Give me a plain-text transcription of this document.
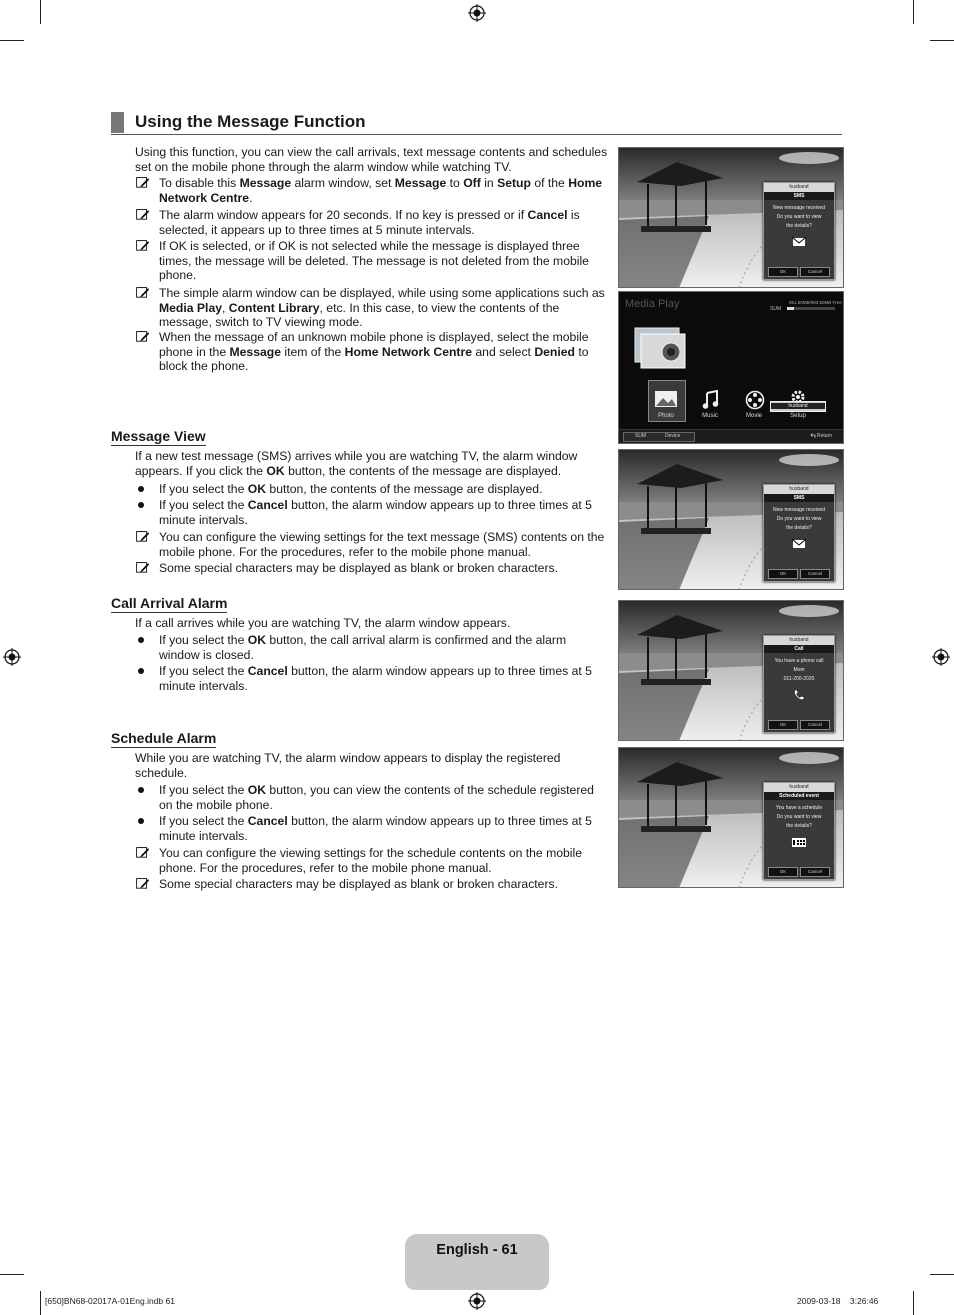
Using the Message Function
Using this function, you can view the call arrivals, text message contents and schedules set on the mobile phone through the alarm window while watching TV.
To disable this Message alarm window, set Message to Off in Setup of the Home Network Centre.
The alarm window appears for 20 seconds. If no key is pressed or if Cancel is selected, it appears up to three times at 5 minute intervals.
If OK is selected, or if OK is not selected while the message is displayed three times, the message will be deleted. The message is not deleted from the mobile phone.
The simple alarm window can be displayed, while using some applications such as Media Play, Content Library, etc. In this case, to view the contents of the message, switch to TV viewing mode.
When the message of an unknown mobile phone is displayed, select the mobile phone in the Message item of the Home Network Centre and select Denied to block the phone.
Message View
If a new test message (SMS) arrives while you are watching TV, the alarm window appears. If you click the OK button, the contents of the message are displayed.
If you select the OK button, the contents of the message are displayed.
If you select the Cancel button, the alarm window appears up to three times at 5 minute intervals.
You can configure the viewing settings for the text message (SMS) contents on the mobile phone. For the procedures, refer to the mobile phone manual.
Some special characters may be displayed as blank or broken characters.
Call Arrival Alarm
If a call arrives while you are watching TV, the alarm window appears.
If you select the OK button, the call arrival alarm is confirmed and the alarm window is closed.
If you select the Cancel button, the alarm window appears up to three times at 5 minute intervals.
Schedule Alarm
While you are watching TV, the alarm window appears to display the registered schedule.
If you select the OK button, you can view the contents of the schedule registered on the mobile phone.
If you select the Cancel button, the alarm window appears up to three times at 5 minute intervals.
You can configure the viewing settings for the schedule contents on the mobile phone. For the procedures, refer to the mobile phone manual.
Some special characters may be displayed as blank or broken characters.
husband
SMS
New message received
Do you want to view
the details?
OK	Cancel
Media Play	851.50MB/993.60MB Free
SUM
husband
Photo	Music	Movie	Setup
SUM	Device	Return
husband
SMS
New message received
Do you want to view
the details?
OK	Cancel
husband
Call
You have a phone call
Mom
011-200-2020
OK	Cancel
husband
Scheduled event
You have a schedule
Do you want to view
the details?
OK	Cancel
English - 61
[650]BN68-02017A-01Eng.indb 61	2009-03-18    3:26:46
